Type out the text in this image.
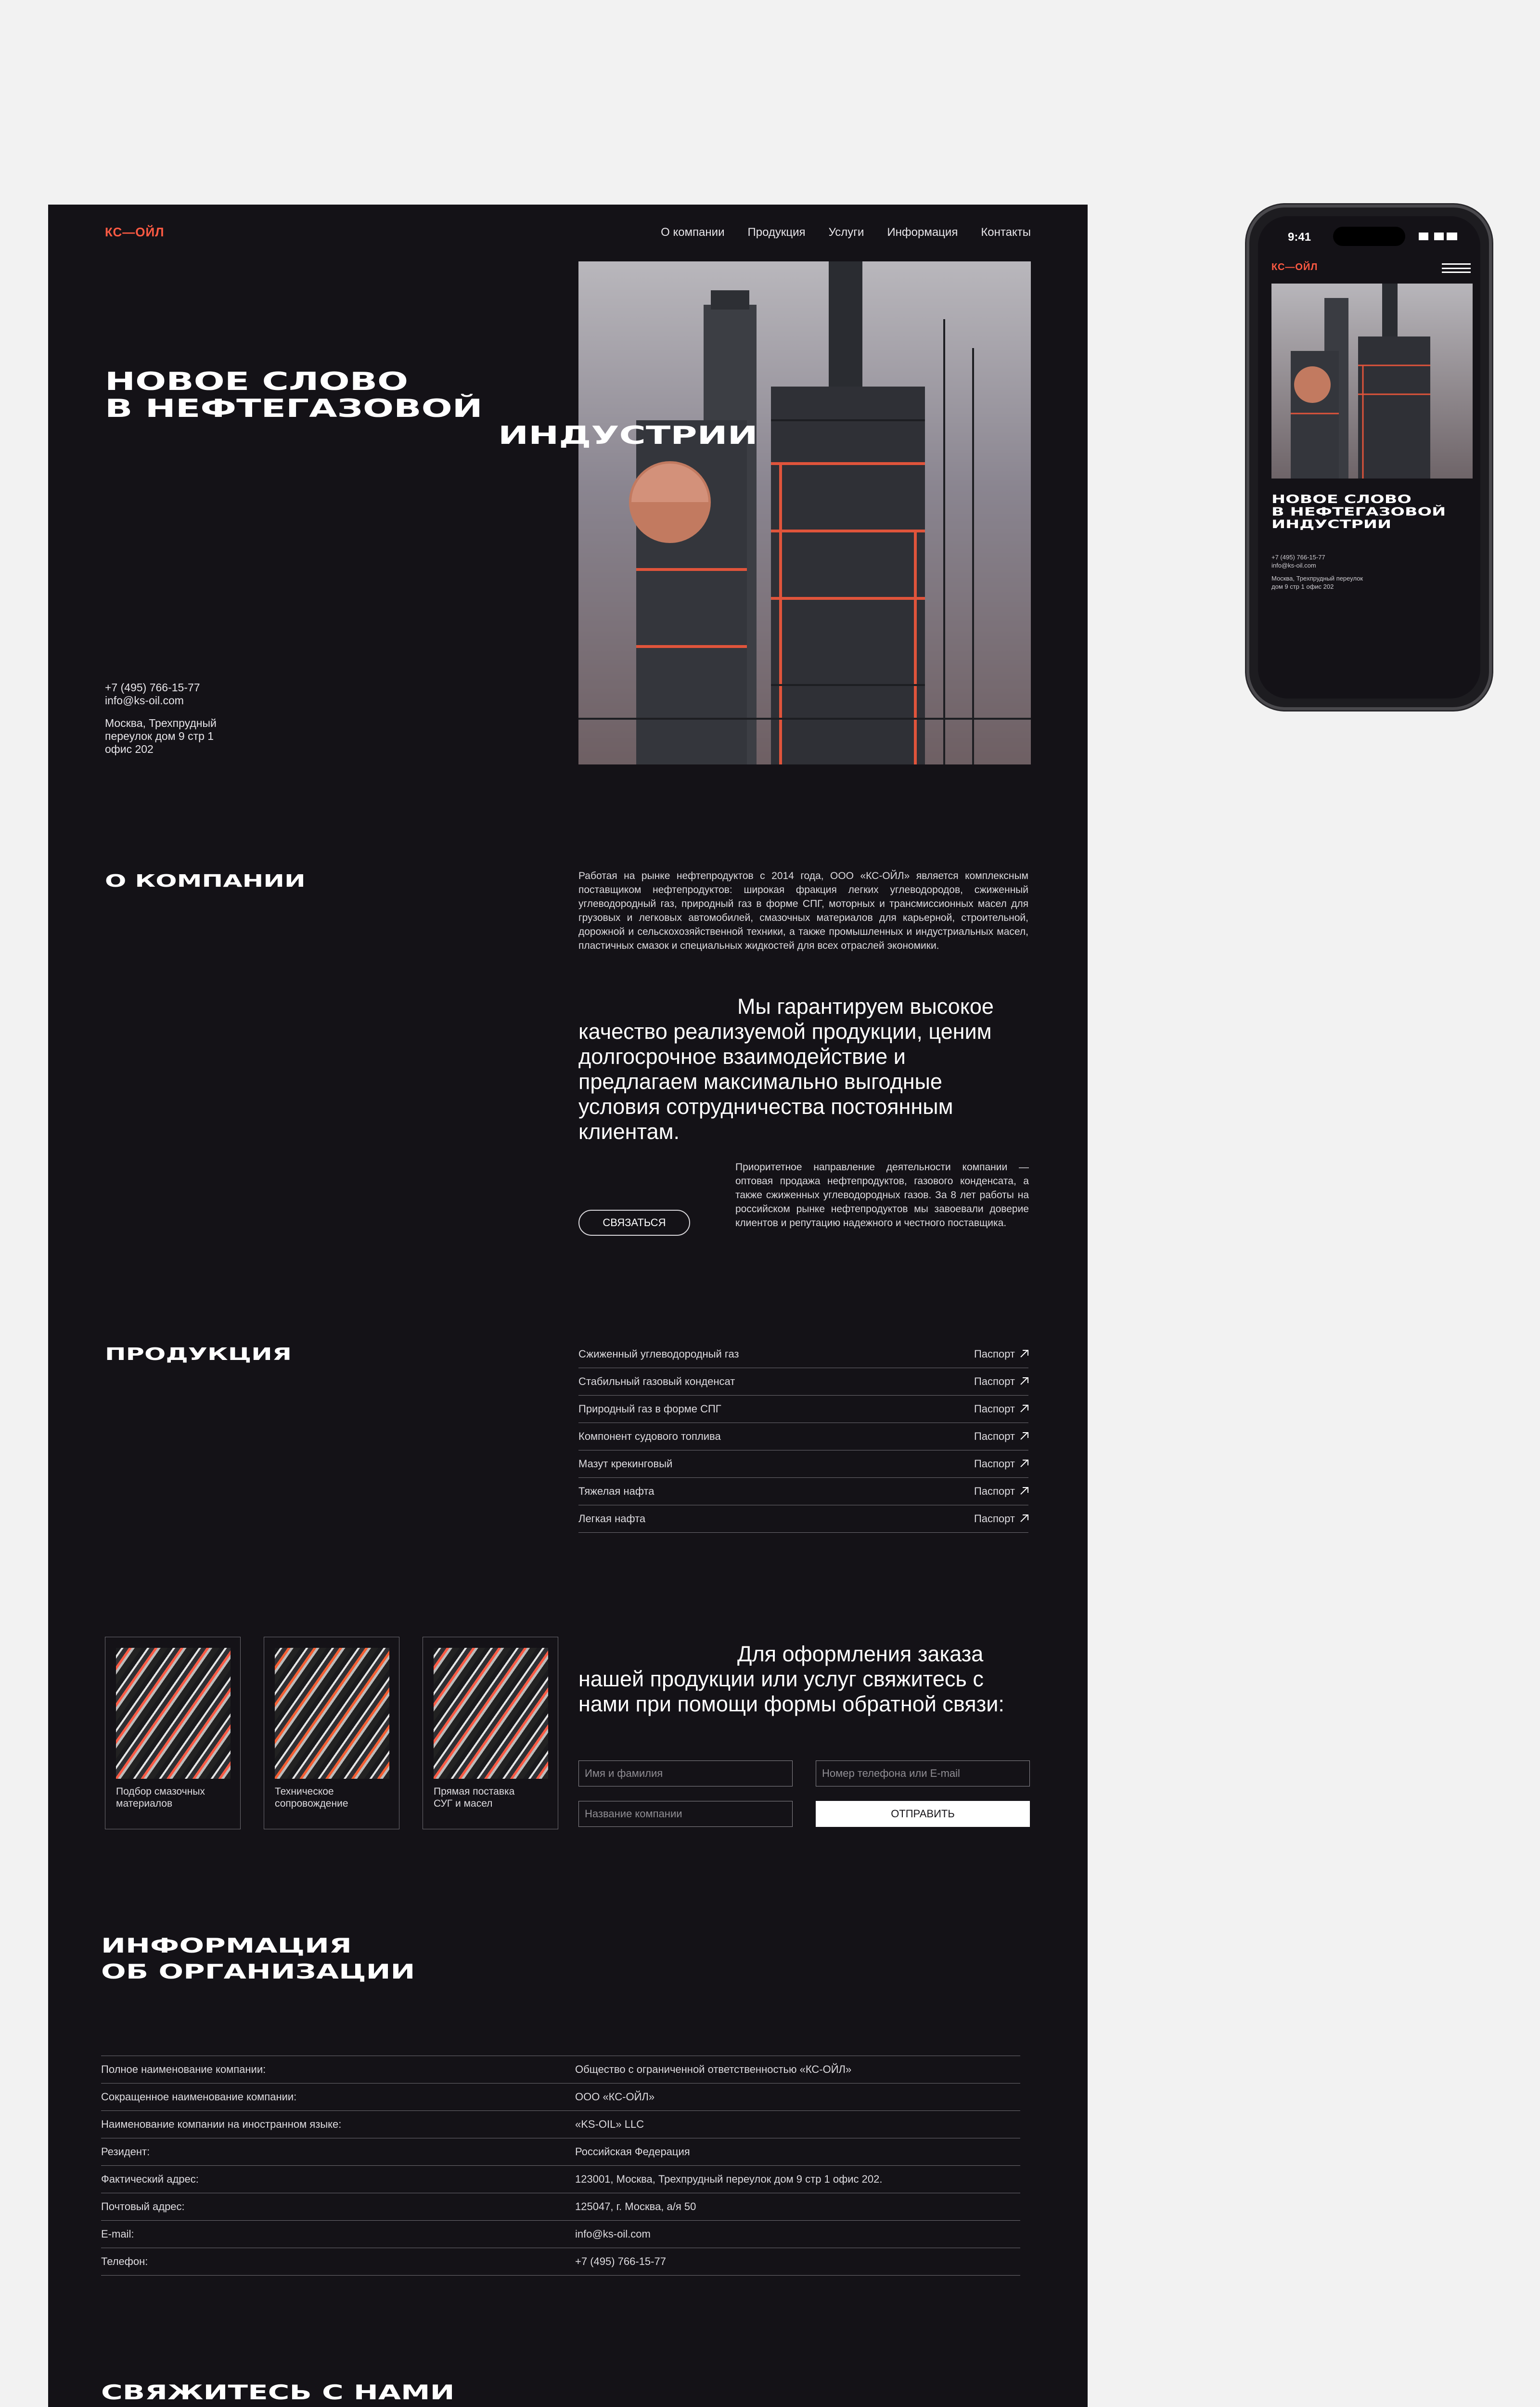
КС—ОЙЛ	О компании Продукция Услуги Информация Контакты
НОВОЕ СЛОВО
В НЕФТЕГАЗОВОЙ
ИНДУСТРИИ
+7 (495) 766-15-77
info@ks-oil.com
Москва, Трехпрудный
переулок дом 9 стр 1
офис 202
О КОМПАНИИ	Работая на рынке нефтепродуктов с 2014 года, ООО «КС-ОЙЛ» является комплексным поставщиком нефтепродуктов: широкая фракция легких углеводородов, сжиженный углеводородный газ, природный газ в форме СПГ, моторных и трансмиссионных масел для грузовых и легковых автомобилей, смазочных материалов для карьерной, строительной, дорожной и сельскохозяйственной техники, а также промышленных и индустриальных масел, пластичных смазок и специальных жидкостей для всех отраслей экономики.
Мы гарантируем высокое качество реализуемой продукции, ценим долгосрочное взаимодействие и предлагаем максимально выгодные условия сотрудничества постоянным клиентам.
Приоритетное направление деятельности компании — оптовая продажа нефтепродуктов, газового конденсата, а также сжиженных углеводородных газов. За 8 лет работы на российском рынке нефтепродуктов мы завоевали доверие клиентов и репутацию надежного и честного поставщика.
СВЯЗАТЬСЯ
ПРОДУКЦИЯ	Сжиженный углеводородный газ	Паспорт
Стабильный газовый конденсат	Паспорт
Природный газ в форме СПГ	Паспорт
Компонент судового топлива	Паспорт
Мазут крекинговый	Паспорт
Тяжелая нафта	Паспорт
Легкая нафта	Паспорт
Подбор смазочных
материалов
Техническое
сопровождение
Прямая поставка
СУГ и масел
Для оформления заказа нашей продукции или услуг свяжитесь с нами при помощи формы обратной связи:
Имя и фамилия	Номер телефона или E-mail
Название компании	ОТПРАВИТЬ
ИНФОРМАЦИЯ
ОБ ОРГАНИЗАЦИИ
Полное наименование компании:	Общество с ограниченной ответственностью «КС-ОЙЛ»
Сокращенное наименование компании:	ООО «КС-ОЙЛ»
Наименование компании на иностранном языке:	«KS-OIL» LLC
Резидент:	Российская Федерация
Фактический адрес:	123001, Москва, Трехпрудный переулок дом 9 стр 1 офис 202.
Почтовый адрес:	125047, г. Москва, а/я 50
E-mail:	info@ks-oil.com
Телефон:	+7 (495) 766-15-77
СВЯЖИТЕСЬ С НАМИ
9:41
КС—ОЙЛ
НОВОЕ СЛОВО
В НЕФТЕГАЗОВОЙ
ИНДУСТРИИ
+7 (495) 766-15-77
info@ks-oil.com
Москва, Трехпрудный переулок
дом 9 стр 1 офис 202
